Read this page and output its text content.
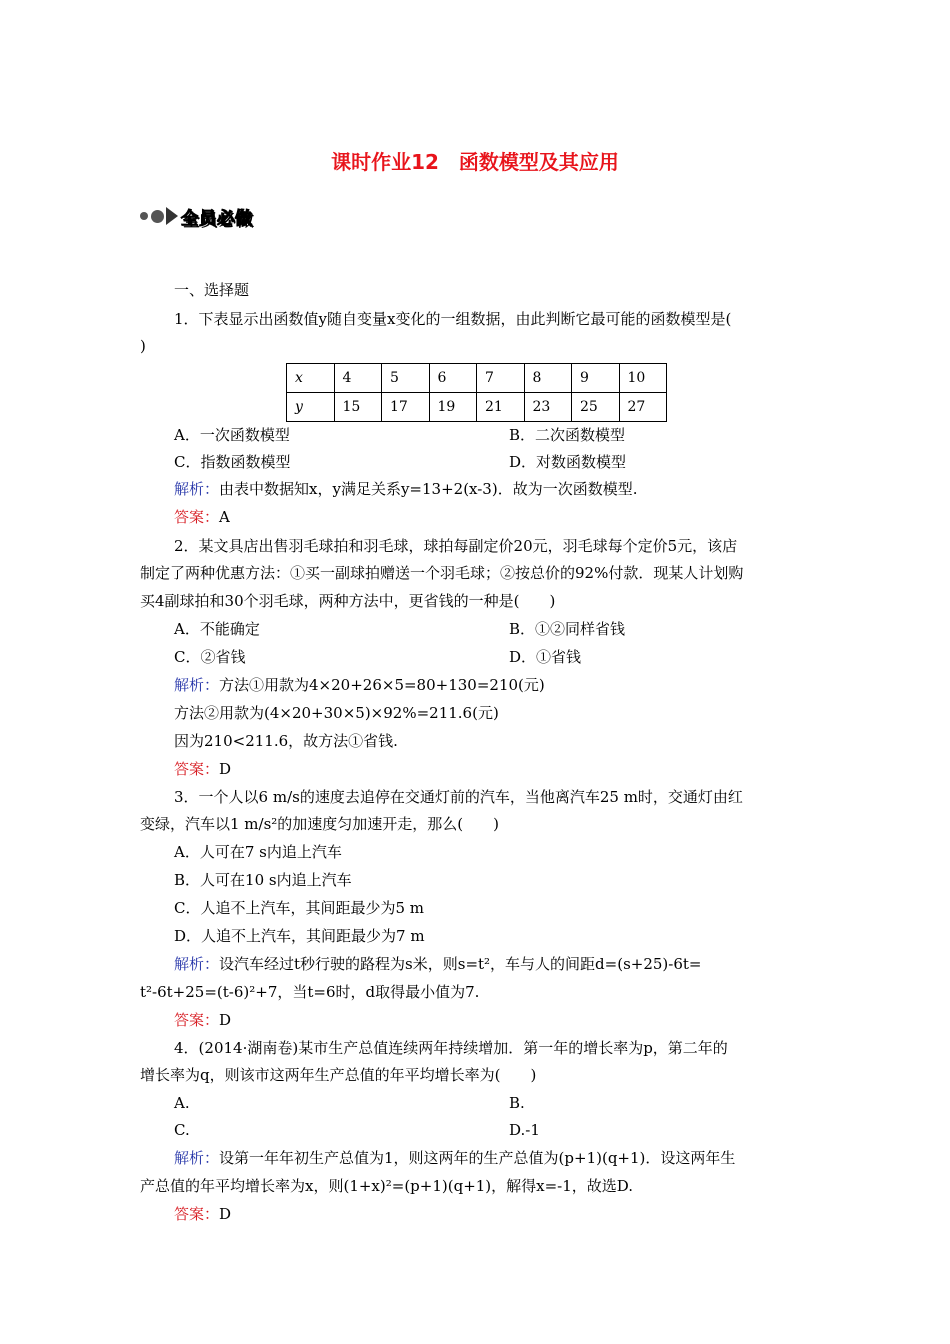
课时作业12　函数模型及其应用
全员必做
一、选择题
1．下表显示出函数值y随自变量x变化的一组数据，由此判断它最可能的函数模型是(
)
x	4	5	6	7	8	9	10
y	15	17	19	21	23	25	27
A．一次函数模型	B．二次函数模型
C．指数函数模型	D．对数函数模型
解析：由表中数据知x，y满足关系y=13+2(x-3)．故为一次函数模型.
答案：A
2．某文具店出售羽毛球拍和羽毛球，球拍每副定价20元，羽毛球每个定价5元，该店
制定了两种优惠方法：①买一副球拍赠送一个羽毛球；②按总价的92%付款．现某人计划购
买4副球拍和30个羽毛球，两种方法中，更省钱的一种是(　　)
A．不能确定	B．①②同样省钱
C．②省钱	D．①省钱
解析：方法①用款为4×20+26×5=80+130=210(元)
方法②用款为(4×20+30×5)×92%=211.6(元)
因为210<211.6，故方法①省钱.
答案：D
3．一个人以6 m/s的速度去追停在交通灯前的汽车，当他离汽车25 m时，交通灯由红
变绿，汽车以1 m/s²的加速度匀加速开走，那么(　　)
A．人可在7 s内追上汽车
B．人可在10 s内追上汽车
C．人追不上汽车，其间距最少为5 m
D．人追不上汽车，其间距最少为7 m
解析：设汽车经过t秒行驶的路程为s米，则s=t²，车与人的间距d=(s+25)-6t=
t²-6t+25=(t-6)²+7，当t=6时，d取得最小值为7.
答案：D
4．(2014·湖南卷)某市生产总值连续两年持续增加．第一年的增长率为p，第二年的
增长率为q，则该市这两年生产总值的年平均增长率为(　　)
A.	B.
C.	D.-1
解析：设第一年年初生产总值为1，则这两年的生产总值为(p+1)(q+1)．设这两年生
产总值的年平均增长率为x，则(1+x)²=(p+1)(q+1)，解得x=-1，故选D.
答案：D
